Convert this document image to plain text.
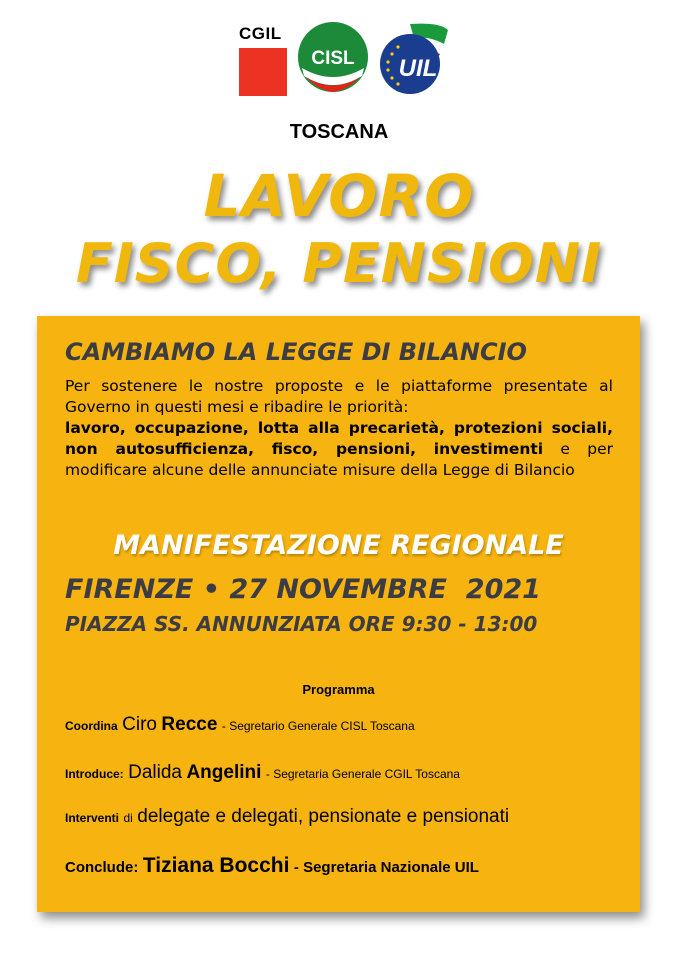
CGIL
CISL UIL
TOSCANA
LAVORO
FISCO, PENSIONI
CAMBIAMO LA LEGGE DI BILANCIO
Per sostenere le nostre proposte e le piattaforme presentate al Governo in questi mesi e ribadire le priorità:
lavoro, occupazione, lotta alla precarietà, protezioni sociali, non autosufficienza, fisco, pensioni, investimenti e per modificare alcune delle annunciate misure della Legge di Bilancio
MANIFESTAZIONE REGIONALE
FIRENZE • 27 NOVEMBRE  2021
PIAZZA SS. ANNUNZIATA ORE 9:30 - 13:00
Programma
Coordina Ciro Recce - Segretario Generale CISL Toscana
Introduce: Dalida Angelini - Segretaria Generale CGIL Toscana
Interventi di delegate e delegati, pensionate e pensionati
Conclude: Tiziana Bocchi - Segretaria Nazionale UIL
